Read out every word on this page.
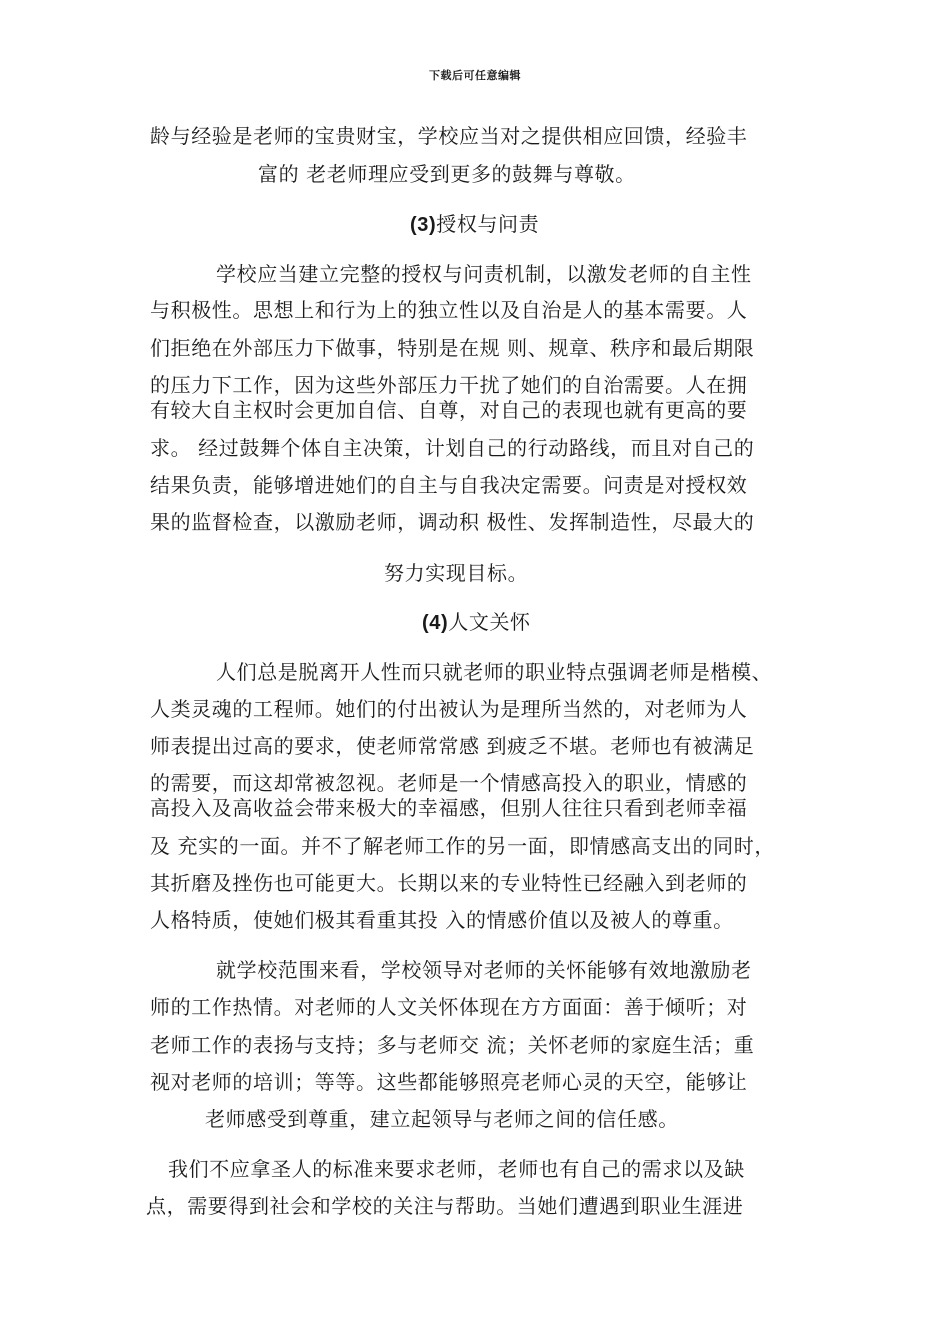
下载后可任意编辑
龄与经验是老师的宝贵财宝，学校应当对之提供相应回馈，经验丰
富的 老老师理应受到更多的鼓舞与尊敬。
(3)授权与问责
学校应当建立完整的授权与问责机制，以激发老师的自主性
与积极性。思想上和行为上的独立性以及自治是人的基本需要。人
们拒绝在外部压力下做事，特别是在规 则、规章、秩序和最后期限
的压力下工作，因为这些外部压力干扰了她们的自治需要。人在拥
有较大自主权时会更加自信、自尊，对自己的表现也就有更高的要
求。 经过鼓舞个体自主决策，计划自己的行动路线，而且对自己的
结果负责，能够增进她们的自主与自我决定需要。问责是对授权效
果的监督检查，以激励老师，调动积 极性、发挥制造性，尽最大的
努力实现目标。
(4)人文关怀
人们总是脱离开人性而只就老师的职业特点强调老师是楷模、
人类灵魂的工程师。她们的付出被认为是理所当然的，对老师为人
师表提出过高的要求，使老师常常感 到疲乏不堪。老师也有被满足
的需要，而这却常被忽视。老师是一个情感高投入的职业，情感的
高投入及高收益会带来极大的幸福感，但别人往往只看到老师幸福
及 充实的一面。并不了解老师工作的另一面，即情感高支出的同时，
其折磨及挫伤也可能更大。长期以来的专业特性已经融入到老师的
人格特质，使她们极其看重其投 入的情感价值以及被人的尊重。
就学校范围来看，学校领导对老师的关怀能够有效地激励老
师的工作热情。对老师的人文关怀体现在方方面面：善于倾听；对
老师工作的表扬与支持；多与老师交 流；关怀老师的家庭生活；重
视对老师的培训；等等。这些都能够照亮老师心灵的天空，能够让
老师感受到尊重，建立起领导与老师之间的信任感。
我们不应拿圣人的标准来要求老师，老师也有自己的需求以及缺
点，需要得到社会和学校的关注与帮助。当她们遭遇到职业生涯进
